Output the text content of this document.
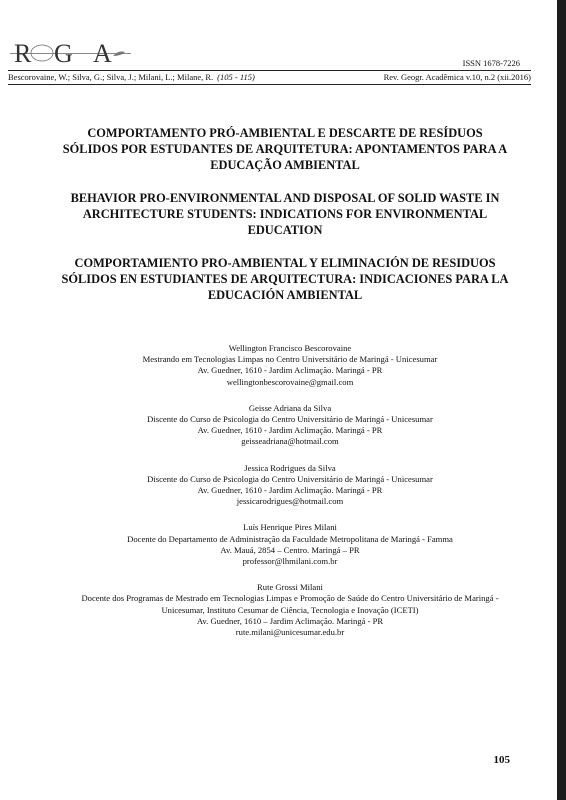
R G A	ISSN 1678-7226
Bescorovaine, W.; Silva, G.; Silva, J.; Milani, L.; Milane, R. (105 - 115)	Rev. Geogr. Acadêmica v.10, n.2 (xii.2016)
COMPORTAMENTO PRÓ-AMBIENTAL E DESCARTE DE RESÍDUOS
SÓLIDOS POR ESTUDANTES DE ARQUITETURA: APONTAMENTOS PARA A
EDUCAÇÃO AMBIENTAL
BEHAVIOR PRO-ENVIRONMENTAL AND DISPOSAL OF SOLID WASTE IN
ARCHITECTURE STUDENTS: INDICATIONS FOR ENVIRONMENTAL
EDUCATION
COMPORTAMIENTO PRO-AMBIENTAL Y ELIMINACIÓN DE RESIDUOS
SÓLIDOS EN ESTUDIANTES DE ARQUITECTURA: INDICACIONES PARA LA
EDUCACIÓN AMBIENTAL
Wellington Francisco Bescorovaine
Mestrando em Tecnologias Limpas no Centro Universitário de Maringá - Unicesumar
Av. Guedner, 1610 - Jardim Aclimação. Maringá - PR
wellingtonbescorovaine@gmail.com
Geisse Adriana da Silva
Discente do Curso de Psicologia do Centro Universitário de Maringá - Unicesumar
Av. Guedner, 1610 - Jardim Aclimação. Maringá - PR
geisseadriana@hotmail.com
Jessica Rodrigues da Silva
Discente do Curso de Psicologia do Centro Universitário de Maringá - Unicesumar
Av. Guedner, 1610 - Jardim Aclimação. Maringá - PR
jessicarodrigues@hotmail.com
Luís Henrique Pires Milani
Docente do Departamento de Administração da Faculdade Metropolitana de Maringá - Famma
Av. Mauá, 2854 – Centro. Maringá – PR
professor@lhmilani.com.br
Rute Grossi Milani
Docente dos Programas de Mestrado em Tecnologias Limpas e Promoção de Saúde do Centro Universitário de Maringá -
Unicesumar, Instituto Cesumar de Ciência, Tecnologia e Inovação (ICETI)
Av. Guedner, 1610 – Jardim Aclimação. Maringá - PR
rute.milani@unicesumar.edu.br
105
